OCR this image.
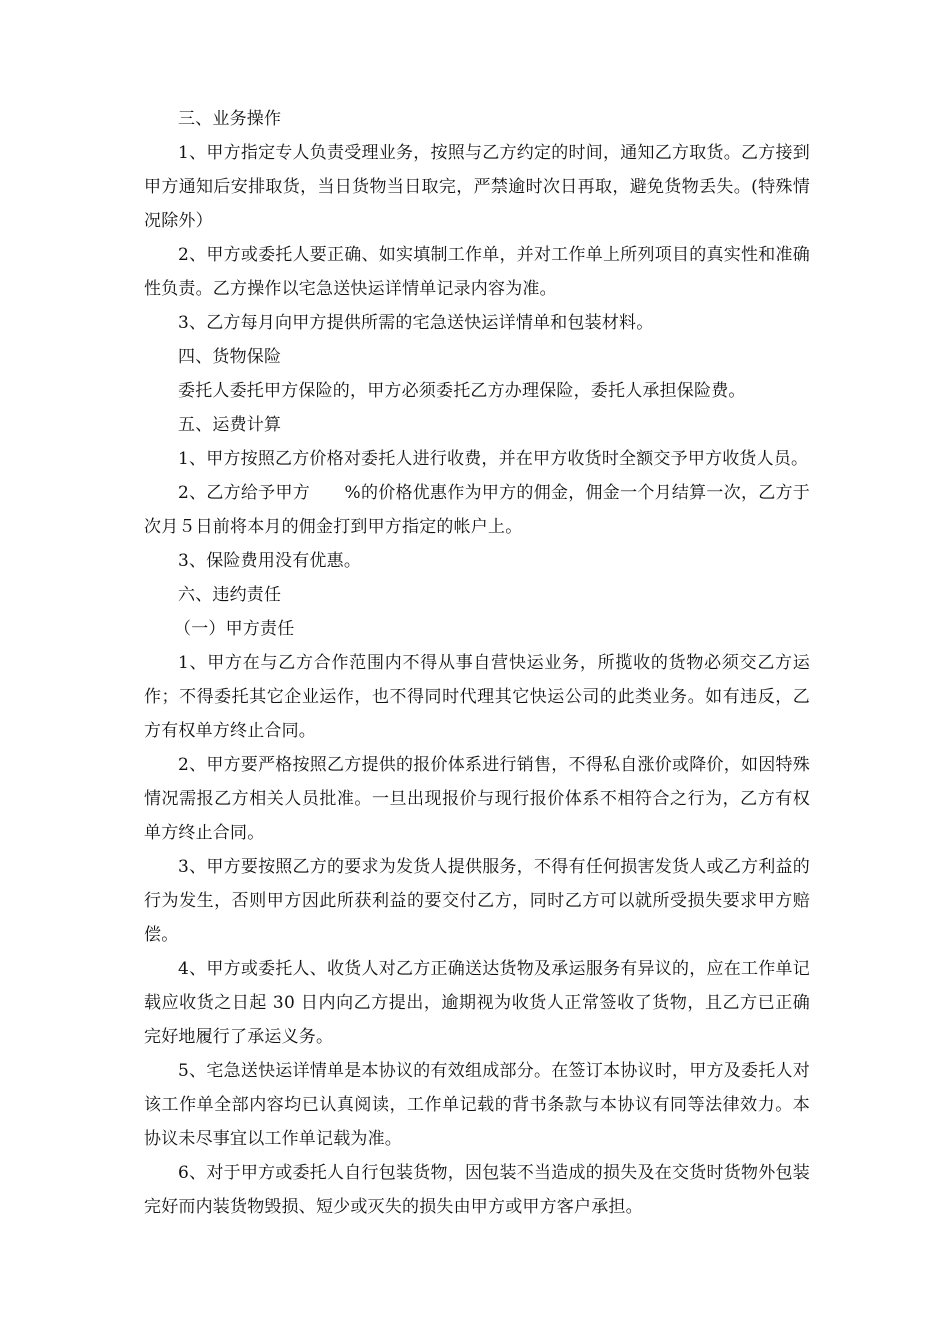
三、业务操作

1、甲方指定专人负责受理业务，按照与乙方约定的时间，通知乙方取货。乙方接到甲方通知后安排取货，当日货物当日取完，严禁逾时次日再取，避免货物丢失。(特殊情况除外）

2、甲方或委托人要正确、如实填制工作单，并对工作单上所列项目的真实性和准确性负责。乙方操作以宅急送快运详情单记录内容为准。

3、乙方每月向甲方提供所需的宅急送快运详情单和包装材料。

四、货物保险

委托人委托甲方保险的，甲方必须委托乙方办理保险，委托人承担保险费。

五、运费计算

1、甲方按照乙方价格对委托人进行收费，并在甲方收货时全额交予甲方收货人员。

2、乙方给予甲方　　%的价格优惠作为甲方的佣金，佣金一个月结算一次，乙方于次月５日前将本月的佣金打到甲方指定的帐户上。

3、保险费用没有优惠。

六、违约责任

（一）甲方责任

1、甲方在与乙方合作范围内不得从事自营快运业务，所揽收的货物必须交乙方运作；不得委托其它企业运作，也不得同时代理其它快运公司的此类业务。如有违反，乙方有权单方终止合同。

2、甲方要严格按照乙方提供的报价体系进行销售，不得私自涨价或降价，如因特殊情况需报乙方相关人员批准。一旦出现报价与现行报价体系不相符合之行为，乙方有权单方终止合同。

3、甲方要按照乙方的要求为发货人提供服务，不得有任何损害发货人或乙方利益的行为发生，否则甲方因此所获利益的要交付乙方，同时乙方可以就所受损失要求甲方赔偿。

4、甲方或委托人、收货人对乙方正确送达货物及承运服务有异议的，应在工作单记载应收货之日起 30 日内向乙方提出，逾期视为收货人正常签收了货物，且乙方已正确完好地履行了承运义务。

5、宅急送快运详情单是本协议的有效组成部分。在签订本协议时，甲方及委托人对该工作单全部内容均已认真阅读，工作单记载的背书条款与本协议有同等法律效力。本协议未尽事宜以工作单记载为准。

6、对于甲方或委托人自行包装货物，因包装不当造成的损失及在交货时货物外包装完好而内装货物毁损、短少或灭失的损失由甲方或甲方客户承担。
